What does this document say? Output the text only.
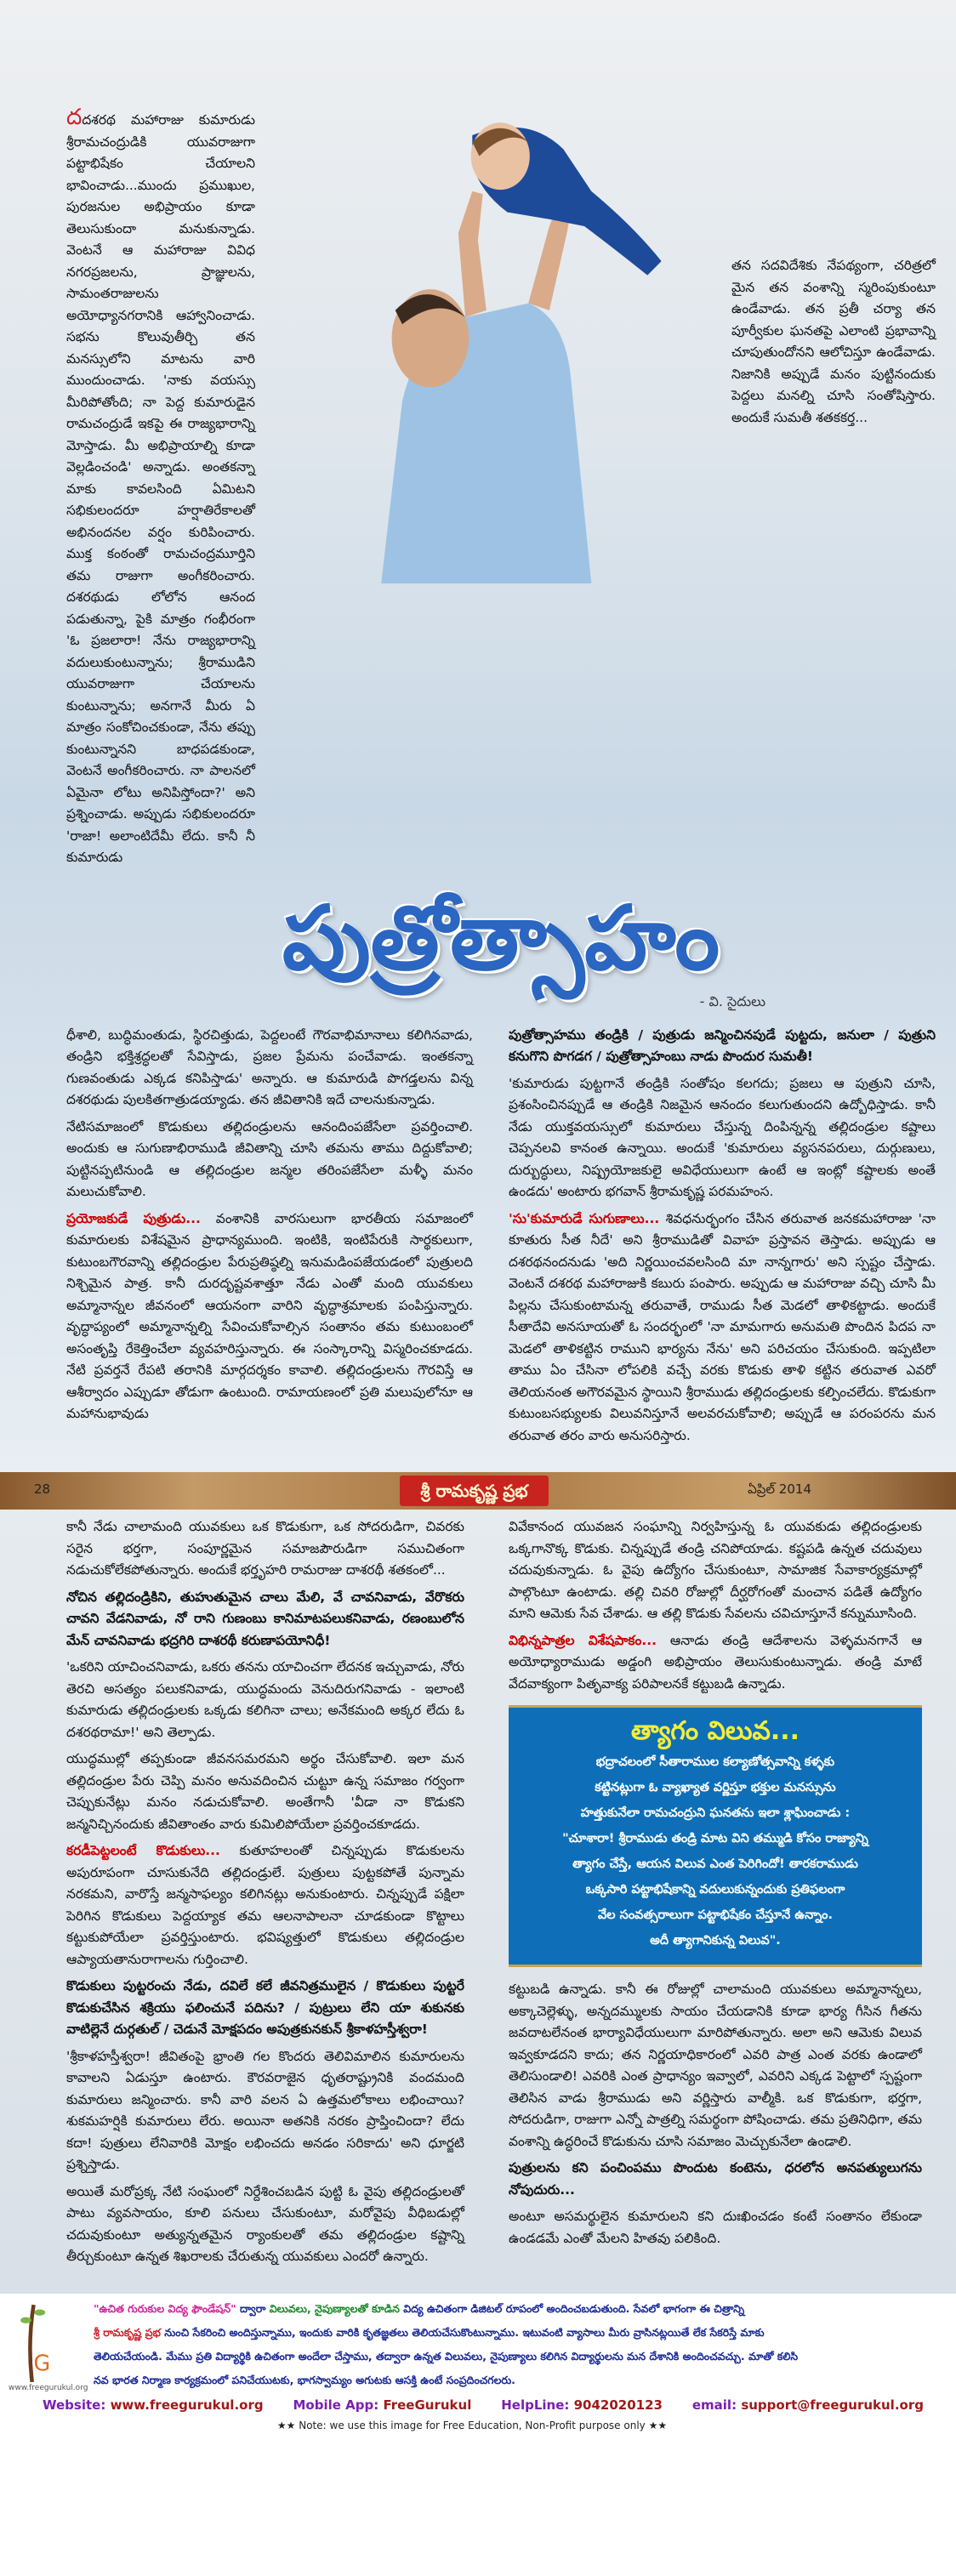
దదశరథ మహారాజు కుమారుడు శ్రీరామచంద్రుడికి యువరాజుగా పట్టాభిషేకం చేయాలని భావించాడు...ముందు ప్రముఖుల, పురజనుల అభిప్రాయం కూడా తెలుసుకుందా మనుకున్నాడు. వెంటనే ఆ మహారాజు వివిధ నగరప్రజలను, ప్రాజ్ఞులను, సామంతరాజులను అయోధ్యానగరానికి ఆహ్వానించాడు. సభను కొలువుతీర్చి తన మనస్సులోని మాటను వారి ముందుంచాడు. 'నాకు వయస్సు మీరిపోతోంది; నా పెద్ద కుమారుడైన రామచంద్రుడే ఇకపై ఈ రాజ్యభారాన్ని మోస్తాడు. మీ అభిప్రాయాల్ని కూడా వెల్లడించండి' అన్నాడు. అంతకన్నా మాకు కావలసింది ఏమిటని సభికులందరూ హర్షాతిరేకాలతో అభినందనల వర్షం కురిపించారు. ముక్త కంఠంతో రామచంద్రమూర్తిని తమ రాజుగా అంగీకరించారు. దశరథుడు లోలోన ఆనంద పడుతున్నా, పైకి మాత్రం గంభీరంగా 'ఓ ప్రజలారా! నేను రాజ్యభారాన్ని వదులుకుంటున్నాను; శ్రీరాముడిని యువరాజుగా చేయాలను కుంటున్నాను; అనగానే మీరు ఏ మాత్రం సంకోచించకుండా, నేను తప్పు కుంటున్నానని బాధపడకుండా, వెంటనే అంగీకరించారు. నా పాలనలో ఏమైనా లోటు అనిపిస్తోందా?' అని ప్రశ్నించాడు. అప్పుడు సభికులందరూ 'రాజా! అలాంటిదేమీ లేదు. కానీ నీ కుమారుడు

తన సదవిదేశికు నేపథ్యంగా, చరిత్రలో మైన తన వంశాన్ని స్మరింపుకుంటూ ఉండేవాడు. తన ప్రతీ చర్యా తన పూర్వీకుల ఘనతపై ఎలాంటి ప్రభావాన్ని చూపుతుందోనని ఆలోచిస్తూ ఉండేవాడు. నిజానికి అప్పుడే మనం పుట్టినందుకు పెద్దలు మనల్ని చూసి సంతోషిస్తారు. అందుకే సుమతీ శతకకర్త...

పుత్రోత్సాహం
- వి. సైదులు

ధీశాలి, బుద్ధిమంతుడు, స్థిరచిత్తుడు, పెద్దలంటే గౌరవాభిమానాలు కలిగినవాడు, తండ్రిని భక్తిశ్రద్ధలతో సేవిస్తాడు, ప్రజల ప్రేమను పంచేవాడు. ఇంతకన్నా గుణవంతుడు ఎక్కడ కనిపిస్తాడు' అన్నారు. ఆ కుమారుడి పొగడ్తలను విన్న దశరథుడు పులకితగాత్రుడయ్యాడు. తన జీవితానికి ఇదే చాలనుకున్నాడు.

నేటిసమాజంలో కొడుకులు తల్లిదండ్రులను ఆనందింపజేసేలా ప్రవర్తించాలి. అందుకు ఆ సుగుణాభిరాముడి జీవితాన్ని చూసి తమను తాము దిద్దుకోవాలి; పుట్టినప్పటినుండి ఆ తల్లిదండ్రుల జన్మల తరింపజేసేలా మళ్ళీ మనం మలుచుకోవాలి.

ప్రయోజకుడే పుత్రుడు... వంశానికి వారసులుగా భారతీయ సమాజంలో కుమారులకు విశేషమైన ప్రాధాన్యముంది. ఇంటికి, ఇంటిపేరుకి సార్థకులుగా, కుటుంబగౌరవాన్ని తల్లిదండ్రుల పేరుప్రతిష్ఠల్ని ఇనుమడింపజేయడంలో పుత్రులది నిశ్చిమైన పాత్ర. కానీ దురదృష్టవశాత్తూ నేడు ఎంతో మంది యువకులు అమ్మానాన్నల జీవనంలో ఆయనంగా వారిని వృద్ధాశ్రమాలకు పంపిస్తున్నారు. వృద్ధాప్యంలో అమ్మానాన్నల్ని సేవించుకోవాల్సిన సంతానం తమ కుటుంబంలో అసంతృప్తి రేకెత్తించేలా వ్యవహరిస్తున్నారు. ఈ సంస్కారాన్ని విస్మరించకూడదు. నేటి ప్రవర్తనే రేపటి తరానికి మార్గదర్శకం కావాలి. తల్లిదండ్రులను గౌరవిస్తే ఆ ఆశీర్వాదం ఎప్పుడూ తోడుగా ఉంటుంది. రామాయణంలో ప్రతి మలుపులోనూ ఆ మహానుభావుడు

పుత్రోత్సాహము తండ్రికి / పుత్రుడు జన్మించినపుడే పుట్టదు, జనులా / పుత్రుని కనుగొని పొగడగ / పుత్రోత్సాహంబు నాడు పొందుర సుమతీ!

'కుమారుడు పుట్టగానే తండ్రికి సంతోషం కలగదు; ప్రజలు ఆ పుత్రుని చూసి, ప్రశంసించినప్పుడే ఆ తండ్రికి నిజమైన ఆనందం కలుగుతుందని ఉద్బోధిస్తాడు. కానీ నేడు యుక్తవయస్సులో కుమారులు చేస్తున్న దింపిన్నన్న తల్లిదండ్రుల కష్టాలు చెప్పనలవి కానంత ఉన్నాయి. అందుకే 'కుమారులు వ్యసనపరులు, దుర్గుణులు, దుర్బుద్ధులు, నిష్ప్రయోజకులై అవిధేయులుగా ఉంటే ఆ ఇంట్లో కష్టాలకు అంతే ఉండదు' అంటారు భగవాన్ శ్రీరామకృష్ణ పరమహంస.

'సు'కుమారుడే సుగుణాలు... శివధనుర్భంగం చేసిన తరువాత జనకమహారాజు 'నా కూతురు సీత నీదే' అని శ్రీరాముడితో వివాహ ప్రస్తావన తెస్తాడు. అప్పుడు ఆ దశరథనందనుడు 'అది నిర్ణయించవలసింది మా నాన్నగారు' అని స్పష్టం చేస్తాడు. వెంటనే దశరథ మహారాజుకి కబురు పంపారు. అప్పుడు ఆ మహారాజు వచ్చి చూసి మీ పిల్లను చేసుకుంటామన్న తరువాతే, రాముడు సీత మెడలో తాళికట్టాడు. అందుకే సీతాదేవి అనసూయతో ఓ సందర్భంలో 'నా మామగారు అనుమతి పొందిన పిదప నా మెడలో తాళికట్టిన రాముని భార్యను నేను' అని పరిచయం చేసుకుంది. ఇప్పటిలా తాము ఏం చేసినా లోపలికి వచ్చే వరకు కొడుకు తాళి కట్టిన తరువాత ఎవరో తెలియనంత అగౌరవమైన స్థాయిని శ్రీరాముడు తల్లిదండ్రులకు కల్పించలేదు. కొడుకుగా కుటుంబసభ్యులకు విలువనిస్తూనే అలవరచుకోవాలి; అప్పుడే ఆ పరంపరను మన తరువాత తరం వారు అనుసరిస్తారు.

28	శ్రీ రామకృష్ణ ప్రభ	ఏప్రిల్ 2014

కానీ నేడు చాలామంది యువకులు ఒక కొడుకుగా, ఒక సోదరుడిగా, చివరకు సరైన భర్తగా, సంపూర్ణమైన సమాజపౌరుడిగా సముచితంగా నడుచుకోలేకపోతున్నారు. అందుకే భర్తృహరి రామరాజు దాశరథీ శతకంలో...

నోచిన తల్లిదండ్రికిని, తుహుతుమైన చాలు మేలి, వే చావనివాడు, వేరొకరు చావని వేడనివాడు, నో రాని గుణంబు కానిమాటపలుకనివాడు, రణంబులోన మేన్ చావనివాడు భద్రగిరి దాశరథీ కరుణాపయోనిధీ!

'ఒకరిని యాచించనివాడు, ఒకరు తనను యాచించగా లేదనక ఇచ్చువాడు, నోరు తెరచి అసత్యం పలుకనివాడు, యుద్ధమందు వెనుదిరుగనివాడు - ఇలాంటి కుమారుడు తల్లిదండ్రులకు ఒక్కడు కలిగినా చాలు; అనేకమంది అక్కర లేదు ఓ దశరథరామా!' అని తెల్పాడు.

యుద్ధముల్లో తప్పకుండా జీవనసమరమని అర్థం చేసుకోవాలి. ఇలా మన తల్లిదండ్రుల పేరు చెప్పి మనం అనువదించిన చుట్టూ ఉన్న సమాజం గర్వంగా చెప్పుకునేట్లు మనం నడుచుకోవాలి. అంతేగానీ 'వీడా నా కొడుకని జన్మనిచ్చినందుకు జీవితాంతం వారు కుమిలిపోయేలా ప్రవర్తించకూడదు.

కరడీపెట్టలంటే కొడుకులు... కుతూహలంతో చిన్నప్పుడు కొడుకులను అపురూపంగా చూసుకునేది తల్లిదండ్రులే. పుత్రులు పుట్టకపోతే పున్నామ నరకమని, వారొస్తే జన్మసాఫల్యం కలిగినట్లు అనుకుంటారు. చిన్నప్పుడే పక్షిలా పెరిగిన కొడుకులు పెద్దయ్యాక తమ ఆలనాపాలనా చూడకుండా కొట్టాలు కట్టుకుపోయేలా ప్రవర్తిస్తుంటారు. భవిష్యత్తులో కొడుకులు తల్లిదండ్రుల ఆప్యాయతానురాగాలను గుర్తించాలి.

కొడుకులు పుట్టరంచు నేడు, దవిలే కలే జీవనిత్రములైన / కొడుకులు పుట్టరే కొడుకుచేసిన శక్రియు ఫలించునే పదిను? / పుట్రులు లేని యా శుకునకు వాటిల్లెనే దుర్గతుల్ / చెడునే మోక్షపదం అపుత్రకునకున్ శ్రీకాళహస్తీశ్వరా!

'శ్రీకాళహస్తీశ్వరా! జీవితంపై భ్రాంతి గల కొందరు తెలివిమాలిన కుమారులను కావాలని ఏడుస్తూ ఉంటారు. కౌరవరాజైన ధృతరాష్ట్రునికి వందమంది కుమారులు జన్మించారు. కానీ వారి వలన ఏ ఉత్తమలోకాలు లభించాయి? శుకమహర్షికి కుమారులు లేరు. అయినా అతనికి నరకం ప్రాప్తించిందా? లేదు కదా! పుత్రులు లేనివారికి మోక్షం లభించదు అనడం సరికాదు' అని ధూర్జటి ప్రశ్నిస్తాడు.

అయితే మరోప్రక్క నేటి సంఘంలో నిర్దేశించబడిన పుట్టి ఓ వైపు తల్లిదండ్రులతో పాటు వ్యవసాయం, కూలి పనులు చేసుకుంటూ, మరోవైపు వీధిబడుల్లో చదువుకుంటూ అత్యున్నతమైన ర్యాంకులతో తమ తల్లిదండ్రుల కష్టాన్ని తీర్చుకుంటూ ఉన్నత శిఖరాలకు చేరుతున్న యువకులు ఎందరో ఉన్నారు.

వివేకానంద యువజన సంఘాన్ని నిర్వహిస్తున్న ఓ యువకుడు తల్లిదండ్రులకు ఒక్కగానొక్క కొడుకు. చిన్నప్పుడే తండ్రి చనిపోయాడు. కష్టపడి ఉన్నత చదువులు చదువుకున్నాడు. ఓ వైపు ఉద్యోగం చేసుకుంటూ, సామాజిక సేవాకార్యక్రమాల్లో పాల్గొంటూ ఉంటాడు. తల్లి చివరి రోజుల్లో దీర్ఘరోగంతో మంచాన పడితే ఉద్యోగం మాని ఆమెకు సేవ చేశాడు. ఆ తల్లి కొడుకు సేవలను చవిచూస్తూనే కన్నుమూసింది.

విభిన్నపాత్రల విశేషపాకం... ఆనాడు తండ్రి ఆదేశాలను వెళ్ళమనగానే ఆ అయోధ్యారాముడు అడ్డంగి అభిప్రాయం తెలుసుకుంటున్నాడు. తండ్రి మాటే వేదవాక్యంగా పితృవాక్య పరిపాలనకే కట్టుబడి ఉన్నాడు.

త్యాగం విలువ...

భద్రాచలంలో సీతారాముల కల్యాణోత్సవాన్ని కళ్ళకు

కట్టినట్లుగా ఓ వ్యాఖ్యాత వర్ణిస్తూ భక్తుల మనస్సును

హత్తుకునేలా రామచంద్రుని ఘనతను ఇలా శ్లాఘించాడు :

"చూశారా! శ్రీరాముడు తండ్రి మాట విని తమ్ముడి కోసం రాజ్యాన్ని

త్యాగం చేస్తే, ఆయన విలువ ఎంత పెరిగిందో! తారకరాముడు

ఒక్కసారి పట్టాభిషేకాన్ని వదులుకున్నందుకు ప్రతిఫలంగా

వేల సంవత్సరాలుగా పట్టాభిషేకం చేస్తూనే ఉన్నాం.

అదీ త్యాగానికున్న విలువ".

కట్టుబడి ఉన్నాడు. కానీ ఈ రోజుల్లో చాలామంది యువకులు అమ్మానాన్నలు, అక్కాచెల్లెళ్ళు, అన్నదమ్ములకు సాయం చేయడానికి కూడా భార్య గీసిన గీతను జవదాటలేనంత భార్యావిధేయులుగా మారిపోతున్నారు. అలా అని ఆమెకు విలువ ఇవ్వకూడదని కాదు; తన నిర్ణయాధికారంలో ఎవరి పాత్ర ఎంత వరకు ఉండాలో తెలిసుండాలి! ఎవరికి ఎంత ప్రాధాన్యం ఇవ్వాలో, ఎవరిని ఎక్కడ పెట్టాలో స్పష్టంగా తెలిసిన వాడు శ్రీరాముడు అని వర్ణిస్తారు వాల్మీకి. ఒక కొడుకుగా, భర్తగా, సోదరుడిగా, రాజుగా ఎన్నో పాత్రల్ని సమర్థంగా పోషించాడు. తమ ప్రతినిధిగా, తమ వంశాన్ని ఉద్ధరించే కొడుకును చూసి సమాజం మెచ్చుకునేలా ఉండాలి.

పుత్రులను కని పంచింపము పొందుట కంటెను, ధరలోన అనపత్యులుగను నోపుదురు...

అంటూ అసమర్థులైన కుమారులని కని దుఃఖించడం కంటే సంతానం లేకుండా ఉండడమే ఎంతో మేలని హితవు పలికింది.

G
www.freegurukul.org
"ఉచిత గురుకుల విద్య ఫౌండేషన్" ద్వారా విలువలు, నైపుణ్యాలతో కూడిన విద్య ఉచితంగా డిజిటల్ రూపంలో అందించబడుతుంది. సేవలో భాగంగా ఈ చిత్రాన్ని
శ్రీ రామకృష్ణ ప్రభ నుంచి సేకరించి అందిస్తున్నాము, ఇందుకు వారికి కృతజ్ఞతలు తెలియచేసుకొంటున్నాము. ఇటువంటి వ్యాసాలు మీరు వ్రాసినట్లయితే లేక సేకరిస్తే మాకు
తెలియచేయండి. మేము ప్రతి విద్యార్థికి ఉచితంగా అందేలా చేస్తాము, తద్వారా ఉన్నత విలువలు, నైపుణ్యాలు కలిగిన విద్యార్థులను మన దేశానికి అందించవచ్చు. మాతో కలిసి
నవ భారత నిర్మాణ కార్యక్రమంలో పనిచేయుటకు, భాగస్వామ్యం అగుటకు ఆసక్తి ఉంటే సంప్రదించగలరు.
Website: www.freegurukul.org Mobile App: FreeGurukul HelpLine: 9042020123 email: support@freegurukul.org
★★ Note: we use this image for Free Education, Non-Profit purpose only ★★
